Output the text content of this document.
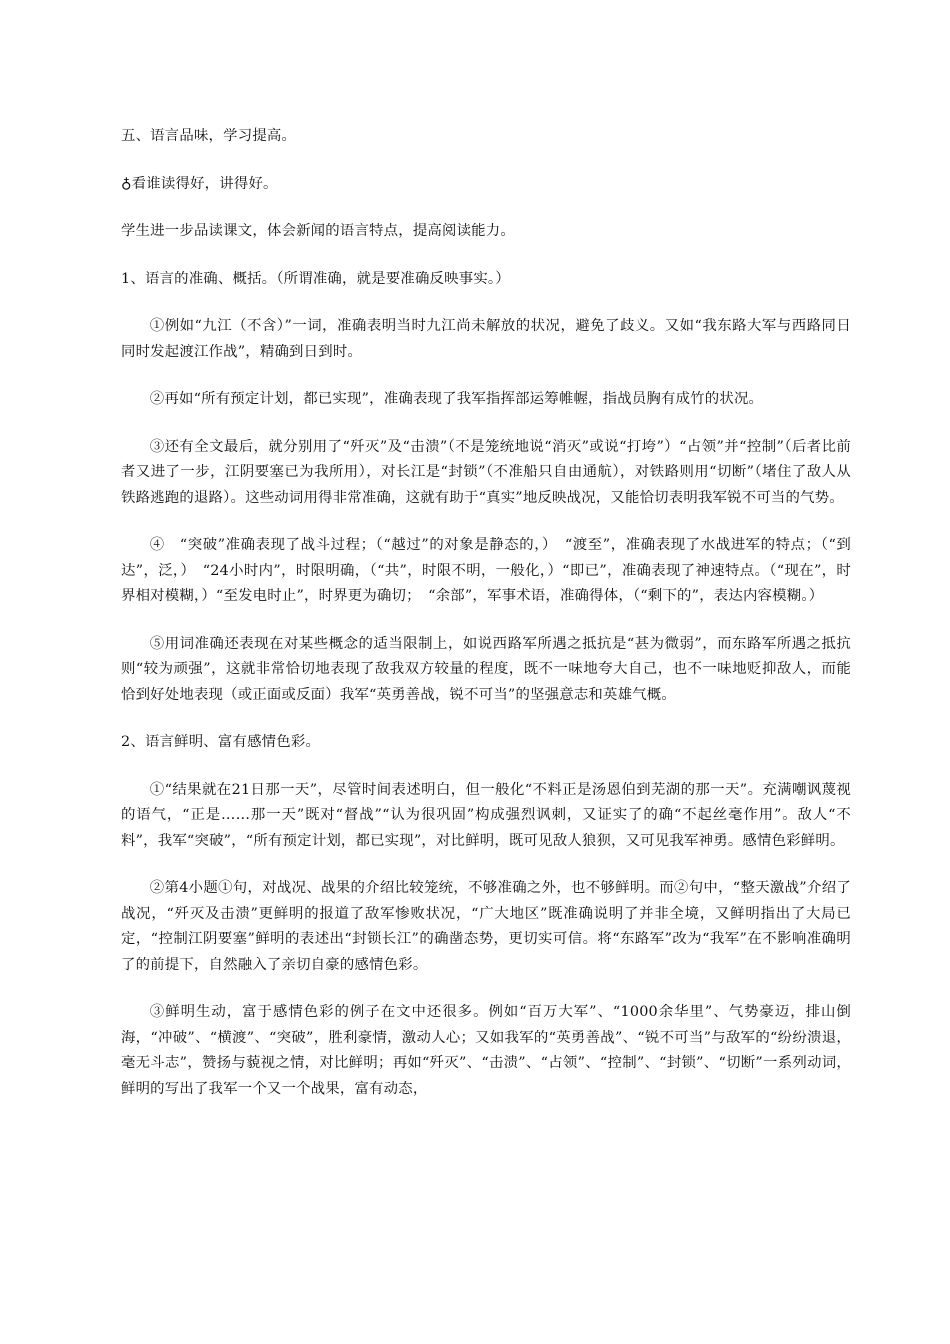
五、语言品味，学习提高。

♁看谁读得好，讲得好。

学生进一步品读课文，体会新闻的语言特点，提高阅读能力。

1、语言的准确、概括。（所谓准确，就是要准确反映事实。）

①例如“九江（不含）”一词，准确表明当时九江尚未解放的状况，避免了歧义。又如“我东路大军与西路同日同时发起渡江作战”，精确到日到时。

②再如“所有预定计划，都已实现”，准确表现了我军指挥部运筹帷幄，指战员胸有成竹的状况。

③还有全文最后，就分别用了“歼灭”及“击溃”（不是笼统地说“消灭”或说“打垮”）“占领”并“控制”（后者比前者又进了一步，江阴要塞已为我所用），对长江是“封锁”（不准船只自由通航），对铁路则用“切断”（堵住了敌人从铁路逃跑的退路）。这些动词用得非常准确，这就有助于“真实”地反映战况，又能恰切表明我军锐不可当的气势。

④　“突破”准确表现了战斗过程；（“越过”的对象是静态的，）　“渡至”，准确表现了水战进军的特点；（“到达”，泛，）　“24小时内”，时限明确，（“共”，时限不明，一般化，）“即已”，准确表现了神速特点。（“现在”，时界相对模糊，）“至发电时止”，时界更为确切；　“余部”，军事术语，准确得体，（“剩下的”，表达内容模糊。）

⑤用词准确还表现在对某些概念的适当限制上，如说西路军所遇之抵抗是“甚为微弱”，而东路军所遇之抵抗则“较为顽强”，这就非常恰切地表现了敌我双方较量的程度，既不一味地夸大自己，也不一味地贬抑敌人，而能恰到好处地表现（或正面或反面）我军“英勇善战，锐不可当”的坚强意志和英雄气概。

2、语言鲜明、富有感情色彩。

①“结果就在21日那一天”，尽管时间表述明白，但一般化“不料正是汤恩伯到芜湖的那一天”。充满嘲讽蔑视的语气，“正是……那一天”既对“督战”“认为很巩固”构成强烈讽刺，又证实了的确“不起丝毫作用”。敌人“不料”，我军“突破”，“所有预定计划，都已实现”，对比鲜明，既可见敌人狼狈，又可见我军神勇。感情色彩鲜明。

②第4小题①句，对战况、战果的介绍比较笼统，不够准确之外，也不够鲜明。而②句中，“整天激战”介绍了战况，“歼灭及击溃”更鲜明的报道了敌军惨败状况，“广大地区”既准确说明了并非全境，又鲜明指出了大局已定，“控制江阴要塞”鲜明的表述出“封锁长江”的确凿态势，更切实可信。将“东路军”改为“我军”在不影响准确明了的前提下，自然融入了亲切自豪的感情色彩。

③鲜明生动，富于感情色彩的例子在文中还很多。例如“百万大军”、“1000余华里”、气势豪迈，排山倒海，“冲破”、“横渡”、“突破”，胜利豪情，激动人心；又如我军的“英勇善战”、“锐不可当”与敌军的“纷纷溃退，毫无斗志”，赞扬与藐视之情，对比鲜明；再如“歼灭”、“击溃”、“占领”、“控制”、“封锁”、“切断”一系列动词，鲜明的写出了我军一个又一个战果，富有动态，
